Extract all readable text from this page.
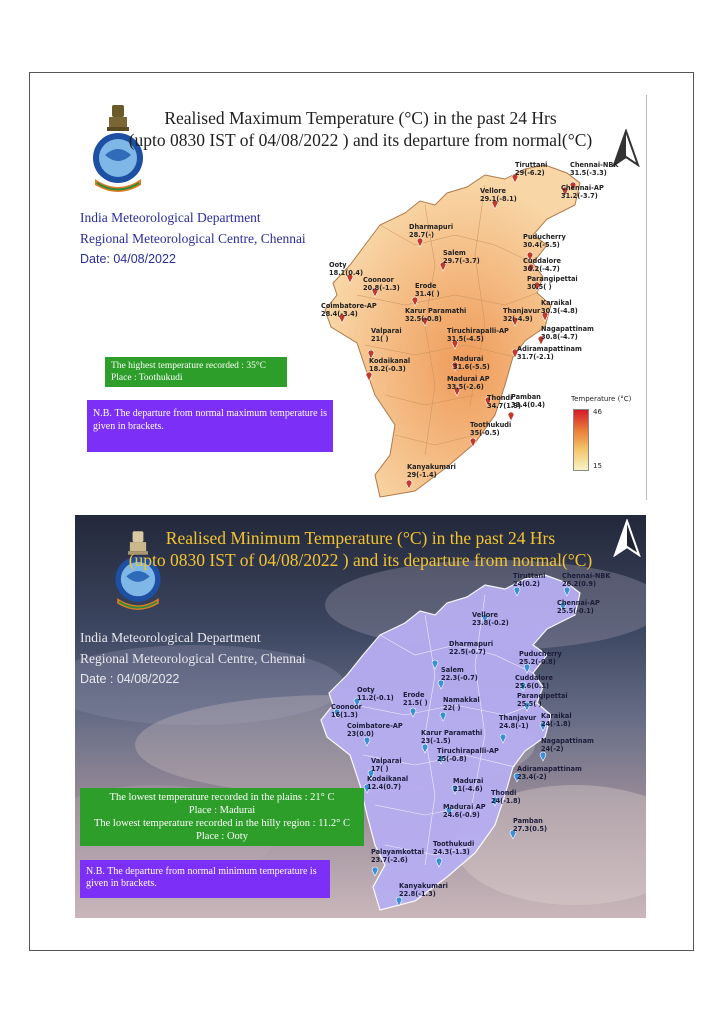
Realised Maximum Temperature (°C) in the past 24 Hrs
(upto 0830 IST of 04/08/2022 ) and its departure from normal(°C)
India Meteorological Department
Regional Meteorological Centre, Chennai
Date: 04/08/2022
Tiruttani
29(-6.2)
Chennai-NBK
31.5(-3.3)
Chennai-AP
31.2(-3.7)
Vellore
29.1(-8.1)
Dharmapuri
28.7(-)
Salem
29.7(-3.7)
Puducherry
30.4(-5.5)
Cuddalore
30.2(-4.7)
Parangipettai
30.5( )
Ooty
18.1(0.4)
Coonoor
20.8(-1.3) Erode
31.4( )
Coimbatore-AP
28.4(-3.4)	Karur Paramathi
32.5(-0.8)
Karaikal
30.3(-4.8)
Thanjavur
32(-4.9)
Nagapattinam
30.8(-4.7)
Valparai
21( )
Tiruchirapalli-AP
31.5(-4.5)
Kodaikanal
18.2(-0.3)
Adiramapattinam
31.7(-2.1)
Madurai
31.6(-5.5)
Thondi
34.7(1.9)
Madurai AP
33.5(-2.6)
Pamban
33.4(0.4)
Toothukudi
35(-0.5)
Kanyakumari
29(-1.4)
Temperature (°C)
46
15
The highest temperature recorded : 35°C
Place : Toothukudi
N.B. The departure from normal maximum temperature is given in brackets.
Realised Minimum Temperature (°C) in the past 24 Hrs
(upto 0830 IST of 04/08/2022 ) and its departure from normal(°C)
India Meteorological Department
Regional Meteorological Centre, Chennai
Date : 04/08/2022
Tiruttani
24(0.2)
Chennai-NBK
26.2(0.9)
Chennai-AP
25.5(-0.1)
Vellore
23.8(-0.2)
Dharmapuri
22.5(-0.7)
Salem
22.3(-0.7)
Puducherry
25.2(-0.8)
Cuddalore
25.6(0.1)
Ooty
11.2(-0.1) Erode
21.5( ) Namakkal
22( )
Parangipettai
25.5( )
Coonoor
16(1.3)
Coimbatore-AP
23(0.0)
Karaikal
24(-1.8)
Thanjavur
24.8(-1)
Karur Paramathi
23(-1.5)	Nagapattinam
24(-2)
Tiruchirapalli-AP
25(-0.8)
Valparai
17( )	Adiramapattinam
23.4(-2)
Kodaikanal
12.4(0.7)
Madurai
21(-4.6) Thondi
24(-1.8)
Madurai AP
24.6(-0.9)
Pamban
27.3(0.5)
Toothukudi
24.3(-1.3)
Palayamkottai
23.7(-2.6)
Kanyakumari
22.8(-1.3)
The lowest temperature recorded in the plains : 21° C
Place : Madurai
The lowest temperature recorded in the hilly region : 11.2° C
Place : Ooty
N.B. The departure from normal minimum temperature is given in brackets.
